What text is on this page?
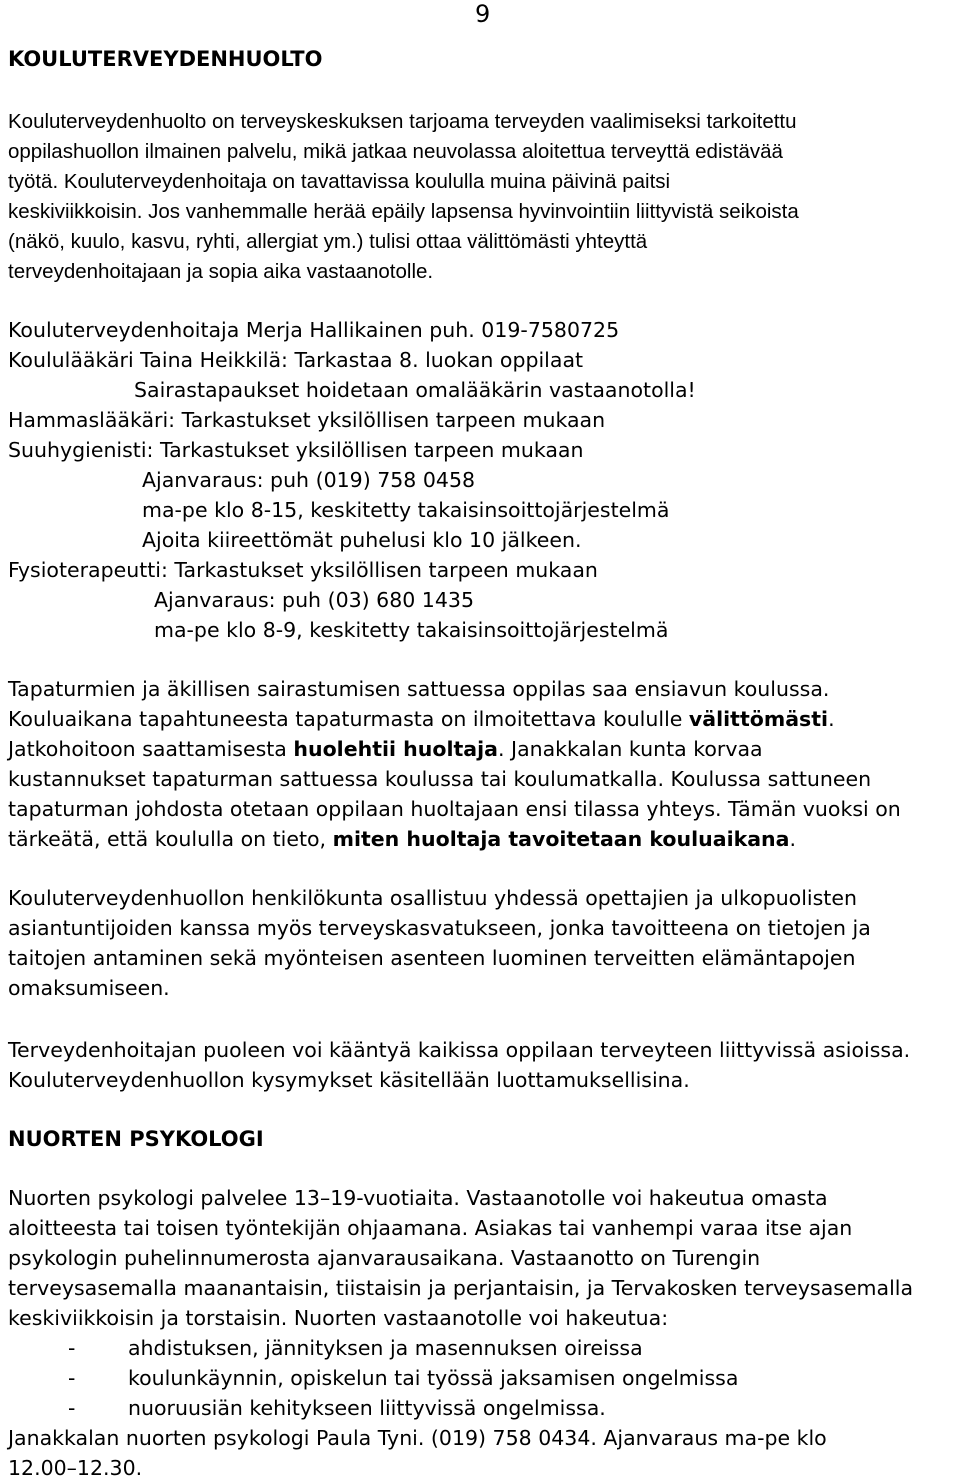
9
KOULUTERVEYDENHUOLTO

Kouluterveydenhuolto on terveyskeskuksen tarjoama terveyden vaalimiseksi tarkoitettu
oppilashuollon ilmainen palvelu, mikä jatkaa neuvolassa aloitettua terveyttä edistävää
työtä. Kouluterveydenhoitaja on tavattavissa koululla muina päivinä paitsi
keskiviikkoisin. Jos vanhemmalle herää epäily lapsensa hyvinvointiin liittyvistä seikoista
(näkö, kuulo, kasvu, ryhti, allergiat ym.) tulisi ottaa välittömästi yhteyttä
terveydenhoitajaan ja sopia aika vastaanotolle.

Kouluterveydenhoitaja Merja Hallikainen puh. 019-7580725
Koululääkäri Taina Heikkilä: Tarkastaa 8. luokan oppilaat
Sairastapaukset hoidetaan omalääkärin vastaanotolla!
Hammaslääkäri: Tarkastukset yksilöllisen tarpeen mukaan
Suuhygienisti: Tarkastukset yksilöllisen tarpeen mukaan
Ajanvaraus: puh (019) 758 0458
ma-pe klo 8-15, keskitetty takaisinsoittojärjestelmä
Ajoita kiireettömät puhelusi klo 10 jälkeen.
Fysioterapeutti: Tarkastukset yksilöllisen tarpeen mukaan
Ajanvaraus: puh (03) 680 1435
ma-pe klo 8-9, keskitetty takaisinsoittojärjestelmä

Tapaturmien ja äkillisen sairastumisen sattuessa oppilas saa ensiavun koulussa.
Kouluaikana tapahtuneesta tapaturmasta on ilmoitettava koululle välittömästi.
Jatkohoitoon saattamisesta huolehtii huoltaja. Janakkalan kunta korvaa
kustannukset tapaturman sattuessa koulussa tai koulumatkalla. Koulussa sattuneen
tapaturman johdosta otetaan oppilaan huoltajaan ensi tilassa yhteys. Tämän vuoksi on
tärkeätä, että koululla on tieto, miten huoltaja tavoitetaan kouluaikana.

Kouluterveydenhuollon henkilökunta osallistuu yhdessä opettajien ja ulkopuolisten
asiantuntijoiden kanssa myös terveyskasvatukseen, jonka tavoitteena on tietojen ja
taitojen antaminen sekä myönteisen asenteen luominen terveitten elämäntapojen
omaksumiseen.

Terveydenhoitajan puoleen voi kääntyä kaikissa oppilaan terveyteen liittyvissä asioissa.
Kouluterveydenhuollon kysymykset käsitellään luottamuksellisina.

NUORTEN PSYKOLOGI

Nuorten psykologi palvelee 13–19-vuotiaita. Vastaanotolle voi hakeutua omasta
aloitteesta tai toisen työntekijän ohjaamana. Asiakas tai vanhempi varaa itse ajan
psykologin puhelinnumerosta ajanvarausaikana. Vastaanotto on Turengin
terveysasemalla maanantaisin, tiistaisin ja perjantaisin, ja Tervakosken terveysasemalla
keskiviikkoisin ja torstaisin. Nuorten vastaanotolle voi hakeutua:
-	ahdistuksen, jännityksen ja masennuksen oireissa
-	koulunkäynnin, opiskelun tai työssä jaksamisen ongelmissa
-	nuoruusiän kehitykseen liittyvissä ongelmissa.
Janakkalan nuorten psykologi Paula Tyni. (019) 758 0434. Ajanvaraus ma-pe klo
12.00–12.30.
